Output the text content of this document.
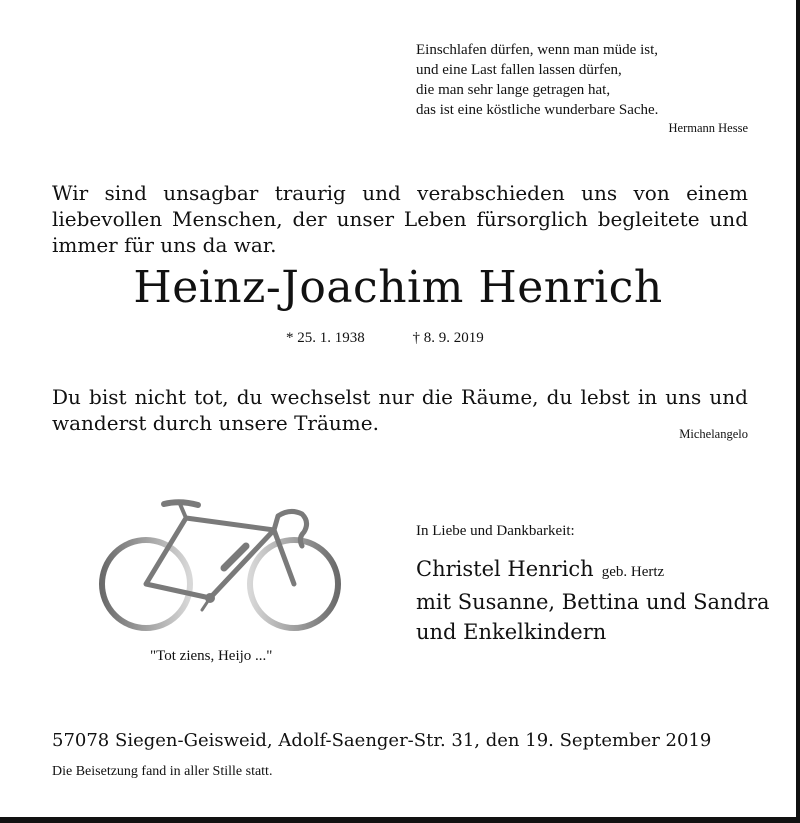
Einschlafen dürfen, wenn man müde ist,
und eine Last fallen lassen dürfen,
die man sehr lange getragen hat,
das ist eine köstliche wunderbare Sache.
Hermann Hesse
Wir sind unsagbar traurig und verabschieden uns von einem liebevollen Menschen, der unser Leben fürsorglich begleitete und immer für uns da war.
Heinz-Joachim Henrich
* 25. 1. 1938	† 8. 9. 2019
Du bist nicht tot, du wechselst nur die Räume, du lebst in uns und wanderst durch unsere Träume.	Michelangelo
"Tot ziens, Heijo ..."
In Liebe und Dankbarkeit:
Christel Henrich geb. Hertz
mit Susanne, Bettina und Sandra
und Enkelkindern
57078 Siegen-Geisweid, Adolf-Saenger-Str. 31, den 19. September 2019
Die Beisetzung fand in aller Stille statt.
